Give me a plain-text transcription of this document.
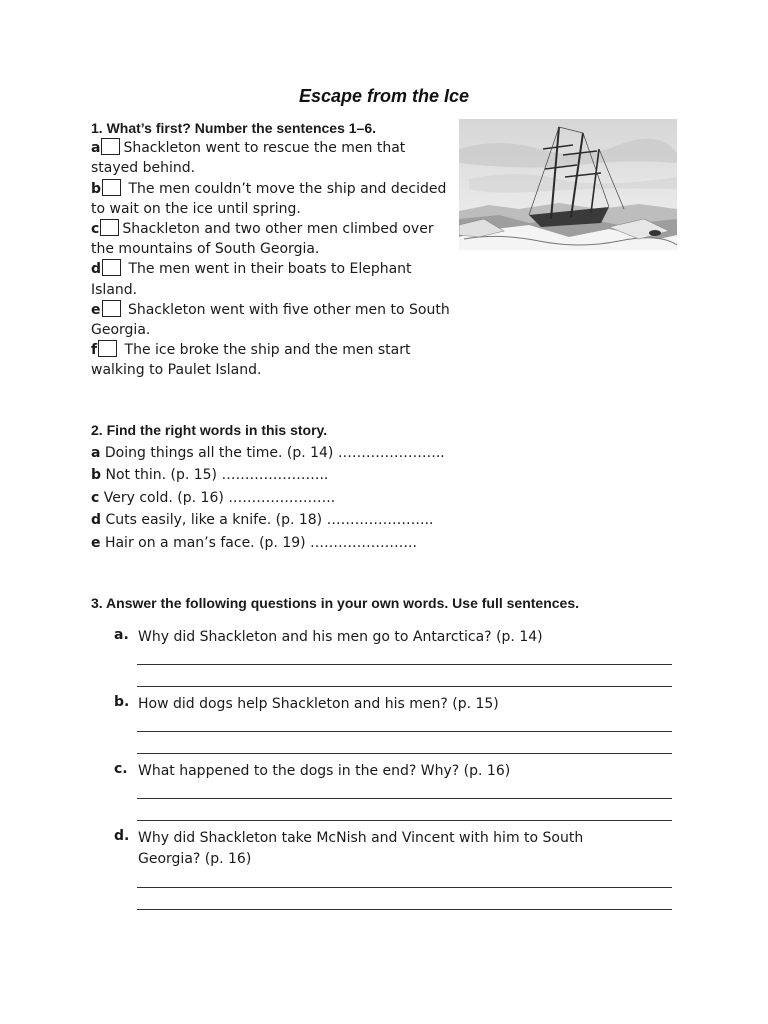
Escape from the Ice
1. What’s first? Number the sentences 1–6.
a Shackleton went to rescue the men that stayed behind.
b The men couldn’t move the ship and decided to wait on the ice until spring.
c Shackleton and two other men climbed over the mountains of South Georgia.
d The men went in their boats to Elephant Island.
e Shackleton went with five other men to South Georgia.
f The ice broke the ship and the men start walking to Paulet Island.
2. Find the right words in this story.
a Doing things all the time. (p. 14) …………………..
b Not thin. (p. 15) …………………..
c Very cold. (p. 16) …………………..
d Cuts easily, like a knife. (p. 18) …………………..
e Hair on a man’s face. (p. 19) …………………..
3. Answer the following questions in your own words. Use full sentences.
a. Why did Shackleton and his men go to Antarctica? (p. 14)
b. How did dogs help Shackleton and his men? (p. 15)
c. What happened to the dogs in the end? Why? (p. 16)
d. Why did Shackleton take McNish and Vincent with him to South Georgia? (p. 16)
